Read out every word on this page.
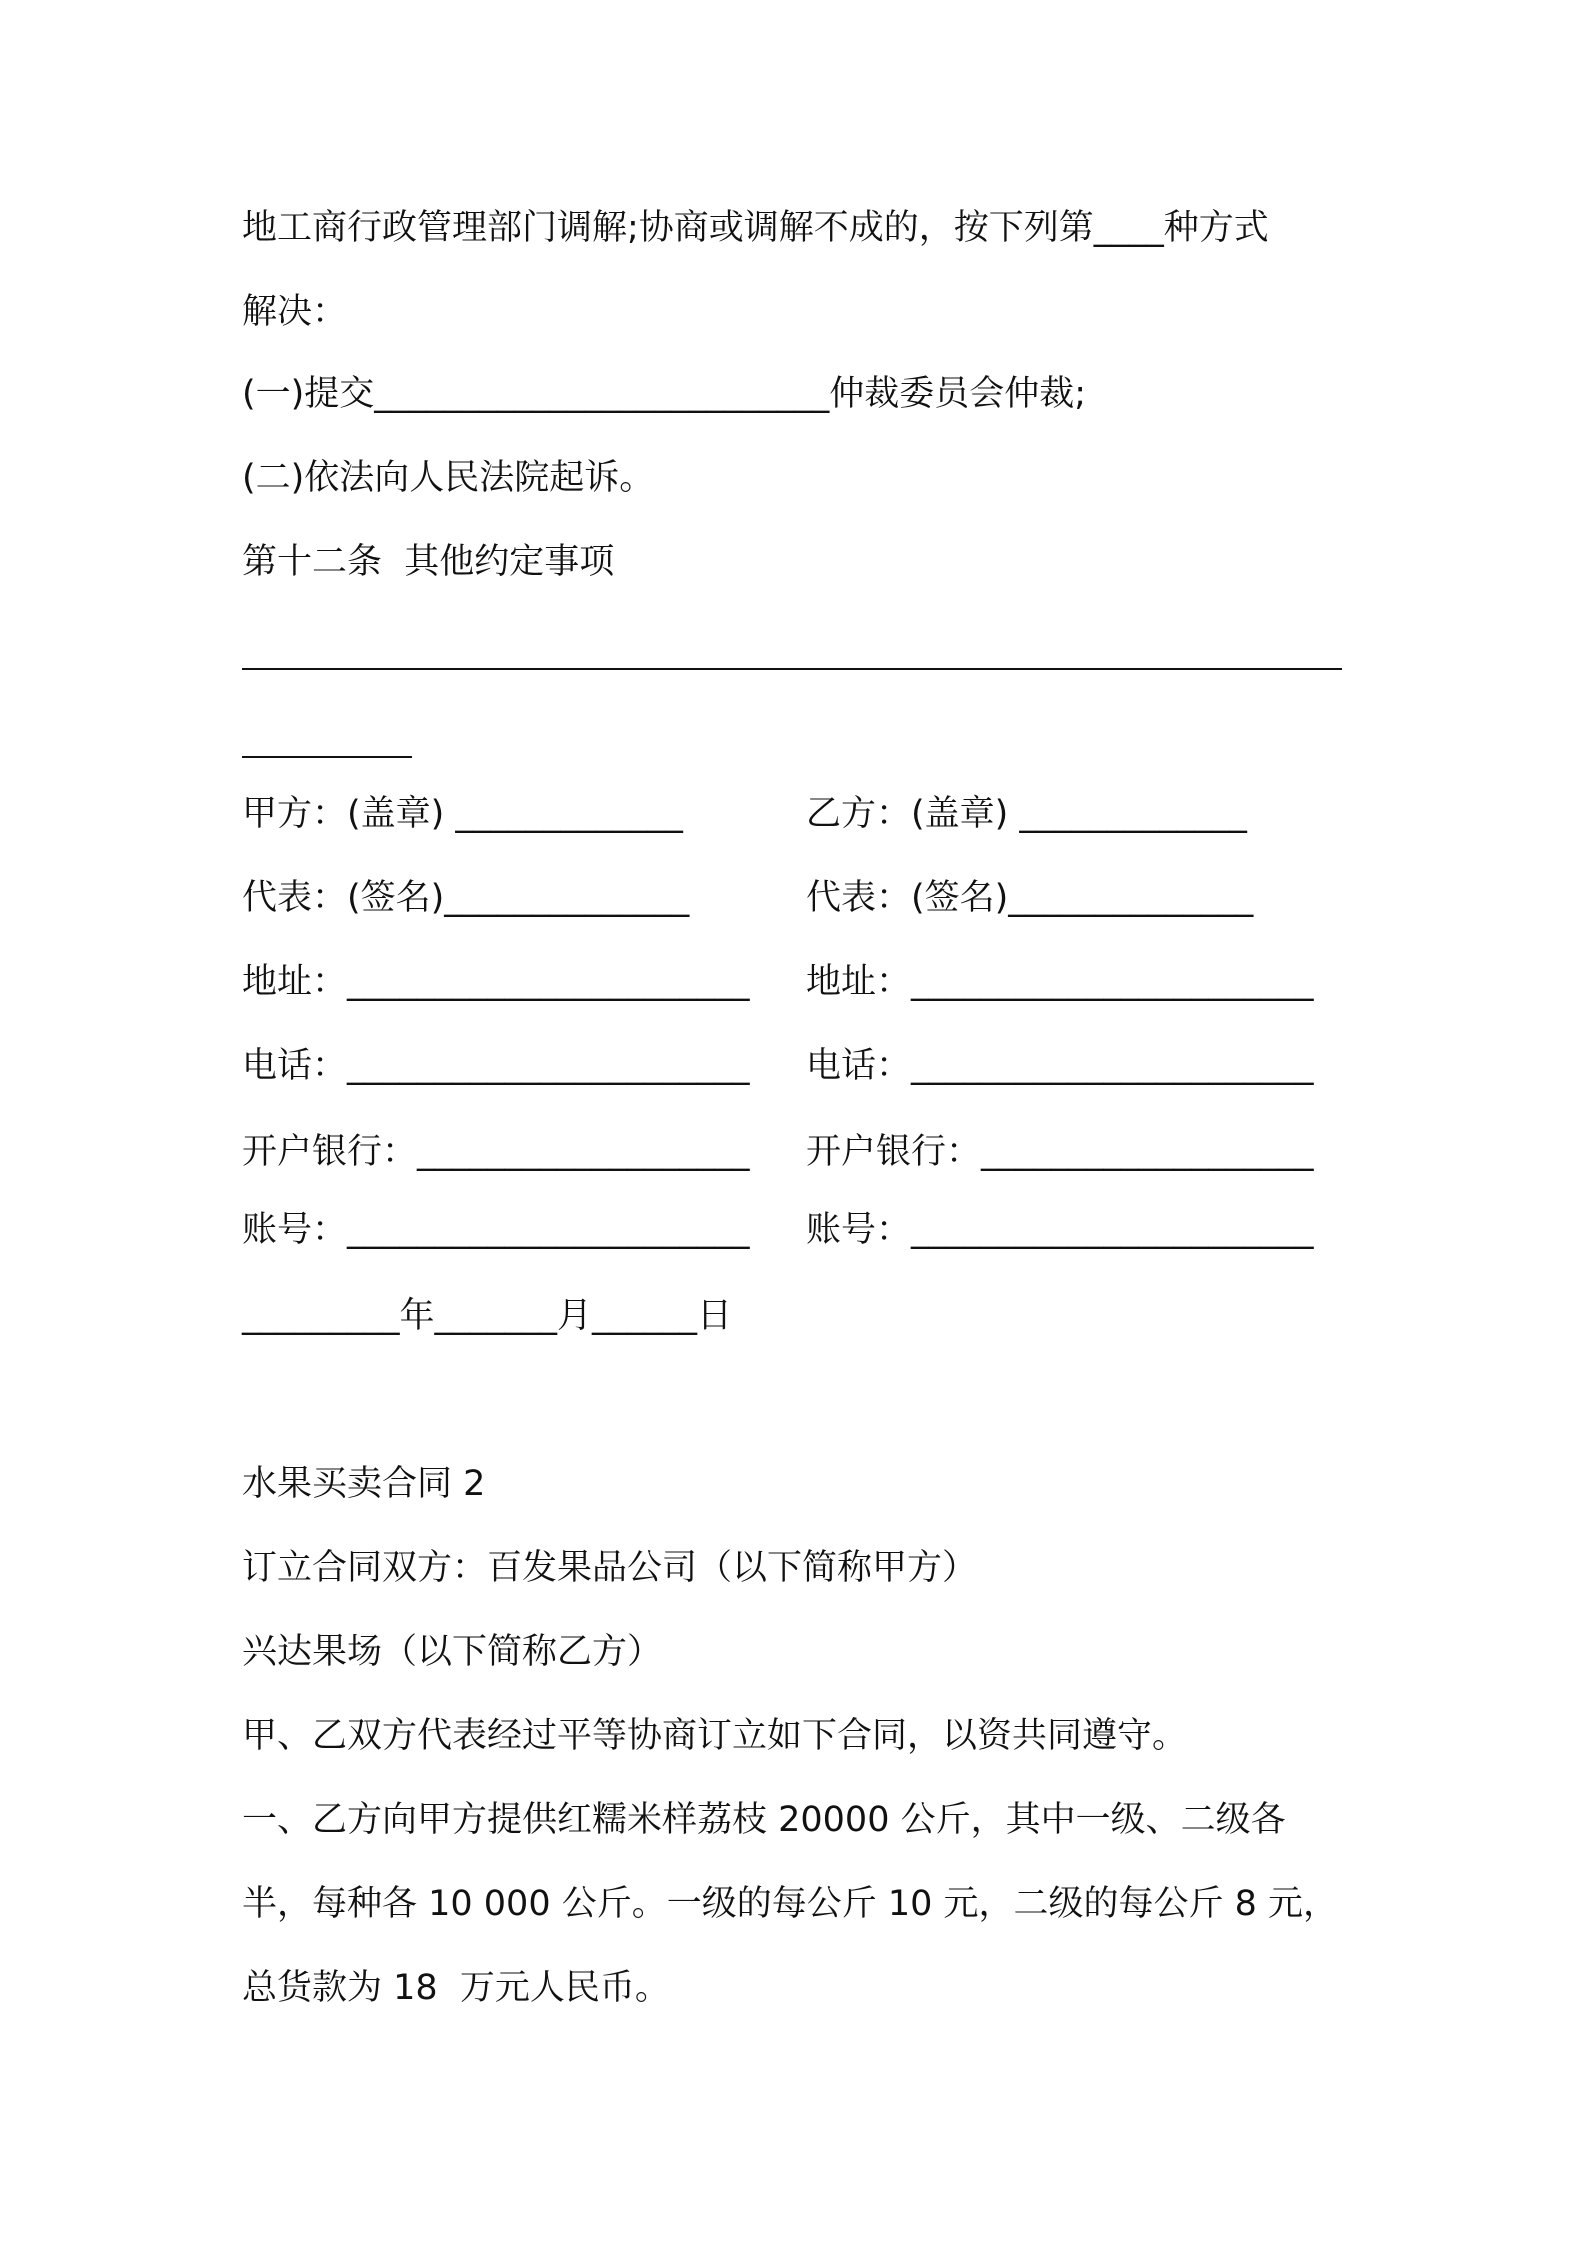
地工商行政管理部门调解;协商或调解不成的，按下列第____种方式

解决：

(一)提交__________________________仲裁委员会仲裁;

(二)依法向人民法院起诉。

第十二条  其他约定事项

甲方：(盖章) _____________	乙方：(盖章) _____________

代表：(签名)______________	代表：(签名)______________

地址：_______________________ 地址：_______________________

电话：_______________________ 电话：_______________________

开户银行：___________________ 开户银行：___________________

账号：_______________________ 账号：_______________________

_________年_______月______日

水果买卖合同 2

订立合同双方：百发果品公司（以下简称甲方）

兴达果场（以下简称乙方）

甲、乙双方代表经过平等协商订立如下合同，以资共同遵守。

一、乙方向甲方提供红糯米样荔枝 20000 公斤，其中一级、二级各

半，每种各 10 000 公斤。一级的每公斤 10 元，二级的每公斤 8 元，

总货款为 18  万元人民币。
